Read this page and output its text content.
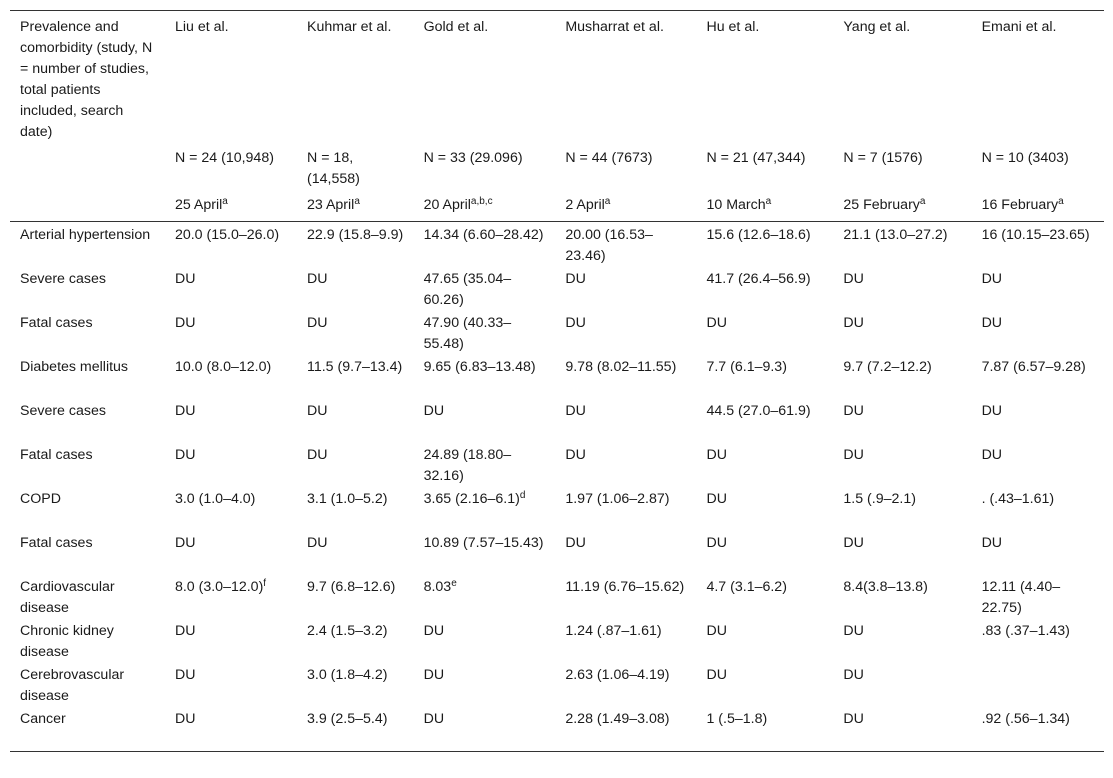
Prevalence and comorbidity (study, N = number of studies, total patients included, search date)	Liu et al.	Kuhmar et al.	Gold et al.	Musharrat et al.	Hu et al.	Yang et al.	Emani et al.
	N = 24 (10,948)	N = 18, (14,558)	N = 33 (29.096)	N = 44 (7673)	N = 21 (47,344)	N = 7 (1576)	N = 10 (3403)
	25 April$^a$	23 April$^a$	20 April$^{a,b,c}$	2 April$^a$	10 March$^a$	25 February$^a$	16 February$^a$
Arterial hypertension	20.0 (15.0–26.0)	22.9 (15.8–9.9)	14.34 (6.60–28.42)	20.00 (16.53–23.46)	15.6 (12.6–18.6)	21.1 (13.0–27.2)	16 (10.15–23.65)
Severe cases	DU	DU	47.65 (35.04–60.26)	DU	41.7 (26.4–56.9)	DU	DU
Fatal cases	DU	DU	47.90 (40.33–55.48)	DU	DU	DU	DU
Diabetes mellitus	10.0 (8.0–12.0)	11.5 (9.7–13.4)	9.65 (6.83–13.48)	9.78 (8.02–11.55)	7.7 (6.1–9.3)	9.7 (7.2–12.2)	7.87 (6.57–9.28)
Severe cases	DU	DU	DU	DU	44.5 (27.0–61.9)	DU	DU
Fatal cases	DU	DU	24.89 (18.80–32.16)	DU	DU	DU	DU
COPD	3.0 (1.0–4.0)	3.1 (1.0–5.2)	3.65 $(2.16-6.1)^d$	1.97 (1.06–2.87)	DU	1.5 (.9–2.1)	. (.43–1.61)
Fatal cases	DU	DU	10.89 (7.57–15.43)	DU	DU	DU	DU
Cardiovascular disease	8.0 $(3.0-12.0)^f$	9.7 (6.8–12.6)	8.03e	11.19 (6.76–15.62)	4.7 (3.1–6.2)	8.4(3.8–13.8)	12.11 (4.40–22.75)
Chronic kidney disease	DU	2.4 (1.5–3.2)	DU	1.24 (.87–1.61)	DU	DU	.83 (.37–1.43)
Cerebrovascular disease	DU	3.0 (1.8–4.2)	DU	2.63 (1.06–4.19)	DU	DU	
Cancer	DU	3.9 (2.5–5.4)	DU	2.28 (1.49–3.08)	1 (.5–1.8)	DU	.92 (.56–1.34)
